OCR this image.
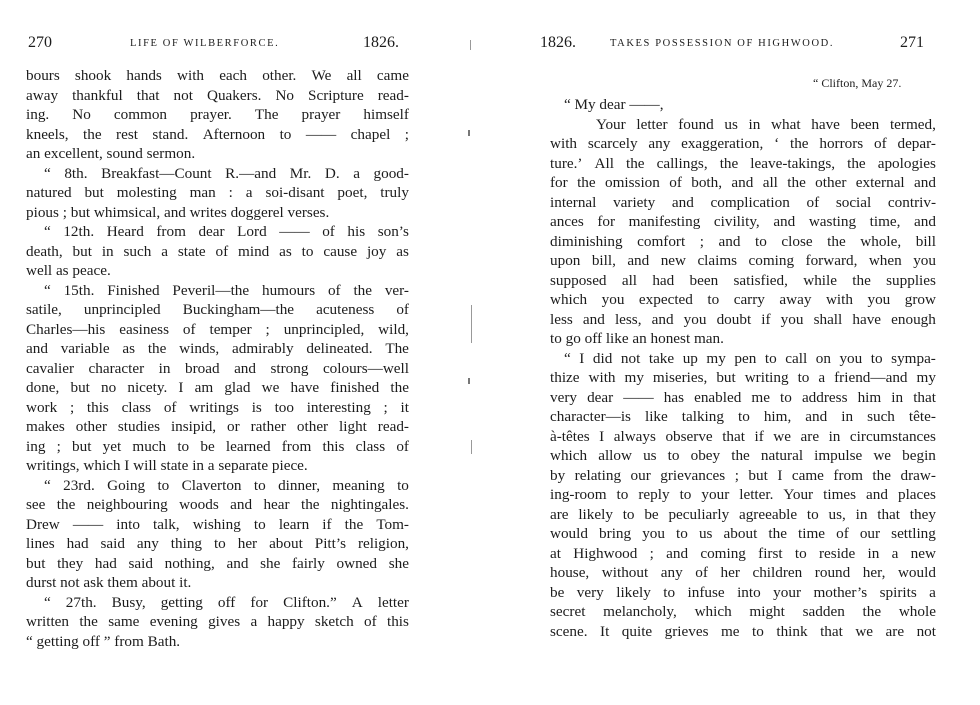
270	LIFE OF WILBERFORCE.	1826.
bours shook hands with each other. We all came
away thankful that not Quakers. No Scripture read-
ing. No common prayer. The prayer himself
kneels, the rest stand. Afternoon to —— chapel ;
an excellent, sound sermon.
“ 8th. Breakfast—Count R.—and Mr. D. a good-
natured but molesting man : a soi-disant poet, truly
pious ; but whimsical, and writes doggerel verses.
“ 12th. Heard from dear Lord —— of his son’s
death, but in such a state of mind as to cause joy as
well as peace.
“ 15th. Finished Peveril—the humours of the ver-
satile, unprincipled Buckingham—the acuteness of
Charles—his easiness of temper ; unprincipled, wild,
and variable as the winds, admirably delineated. The
cavalier character in broad and strong colours—well
done, but no nicety. I am glad we have finished the
work ; this class of writings is too interesting ; it
makes other studies insipid, or rather other light read-
ing ; but yet much to be learned from this class of
writings, which I will state in a separate piece.
“ 23rd. Going to Claverton to dinner, meaning to
see the neighbouring woods and hear the nightingales.
Drew —— into talk, wishing to learn if the Tom-
lines had said any thing to her about Pitt’s religion,
but they had said nothing, and she fairly owned she
durst not ask them about it.
“ 27th. Busy, getting off for Clifton.” A letter
written the same evening gives a happy sketch of this
“ getting off ” from Bath.
1826.	TAKES POSSESSION OF HIGHWOOD.	271
“ Clifton, May 27.
“ My dear ——,
Your letter found us in what have been termed,
with scarcely any exaggeration, ‘ the horrors of depar-
ture.’ All the callings, the leave-takings, the apologies
for the omission of both, and all the other external and
internal variety and complication of social contriv-
ances for manifesting civility, and wasting time, and
diminishing comfort ; and to close the whole, bill
upon bill, and new claims coming forward, when you
supposed all had been satisfied, while the supplies
which you expected to carry away with you grow
less and less, and you doubt if you shall have enough
to go off like an honest man.
“ I did not take up my pen to call on you to sympa-
thize with my miseries, but writing to a friend—and my
very dear —— has enabled me to address him in that
character—is like talking to him, and in such tête-
à-têtes I always observe that if we are in circumstances
which allow us to obey the natural impulse we begin
by relating our grievances ; but I came from the draw-
ing-room to reply to your letter. Your times and places
are likely to be peculiarly agreeable to us, in that they
would bring you to us about the time of our settling
at Highwood ; and coming first to reside in a new
house, without any of her children round her, would
be very likely to infuse into your mother’s spirits a
secret melancholy, which might sadden the whole
scene. It quite grieves me to think that we are not
